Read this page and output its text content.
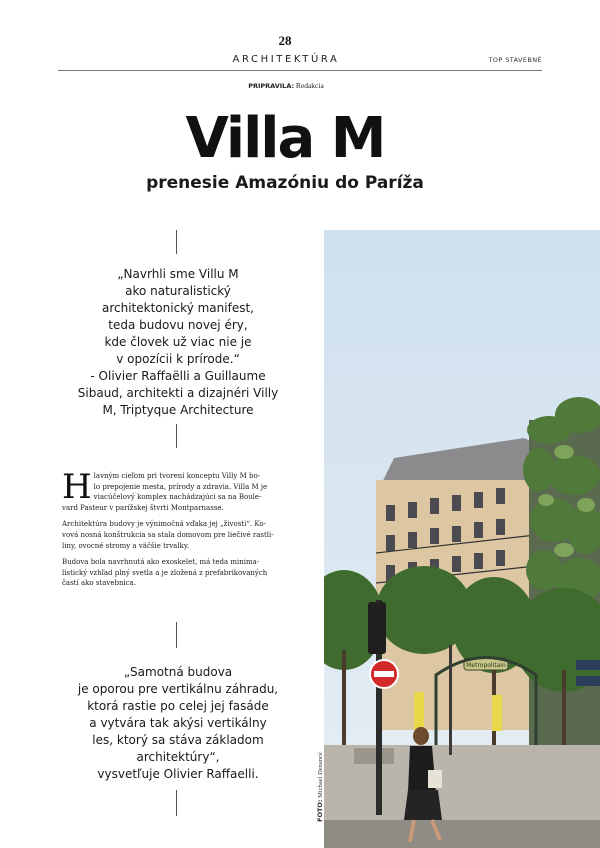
28
ARCHITEKTÚRA	TOP STAVEBNÉ
PRIPRAVILA: Redakcia
Villa M
prenesie Amazóniu do Paríža
„Navrhli sme Villu M
ako naturalistický
architektonický manifest,
teda budovu novej éry,
kde človek už viac nie je
v opozícii k prírode.“
- Olivier Raffaëlli a Guillaume
Sibaud, architekti a dizajnéri Villy
M, Triptyque Architecture

H lavným cieľom pri tvorení konceptu Villy M bo-
lo prepojenie mesta, prírody a zdravia. Villa M je
viacúčelový komplex nachádzajúci sa na Boule-
vard Pasteur v parížskej štvrti Montparnasse.

Architektúra budovy je výnimočná vďaka jej „živosti“. Ko-
vová nosná konštrukcia sa stala domovom pre liečivé rastli-
liny, ovocné stromy a väčšie trvalky.

Budova bola navrhnutá ako exoskelet, má teda minima-
listický vzhľad plný svetla a je zložená z prefabrikovaných
častí ako stavebnica.

„Samotná budova
je oporou pre vertikálnu záhradu,
ktorá rastie po celej jej fasáde
a vytvára tak akýsi vertikálny
les, ktorý sa stáva základom
architektúry“,
vysvetľuje Olivier Raffaelli.
FOTO: Michael Denancé
Metropolitain
